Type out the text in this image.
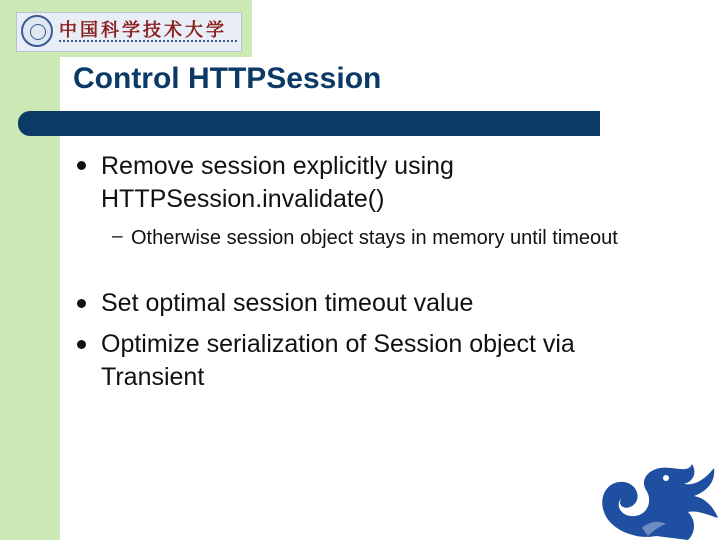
中国科学技术大学
Control HTTPSession
Remove session explicitly using HTTPSession.invalidate()
– Otherwise session object stays in memory until timeout
Set optimal session timeout value
Optimize serialization of Session object via Transient
